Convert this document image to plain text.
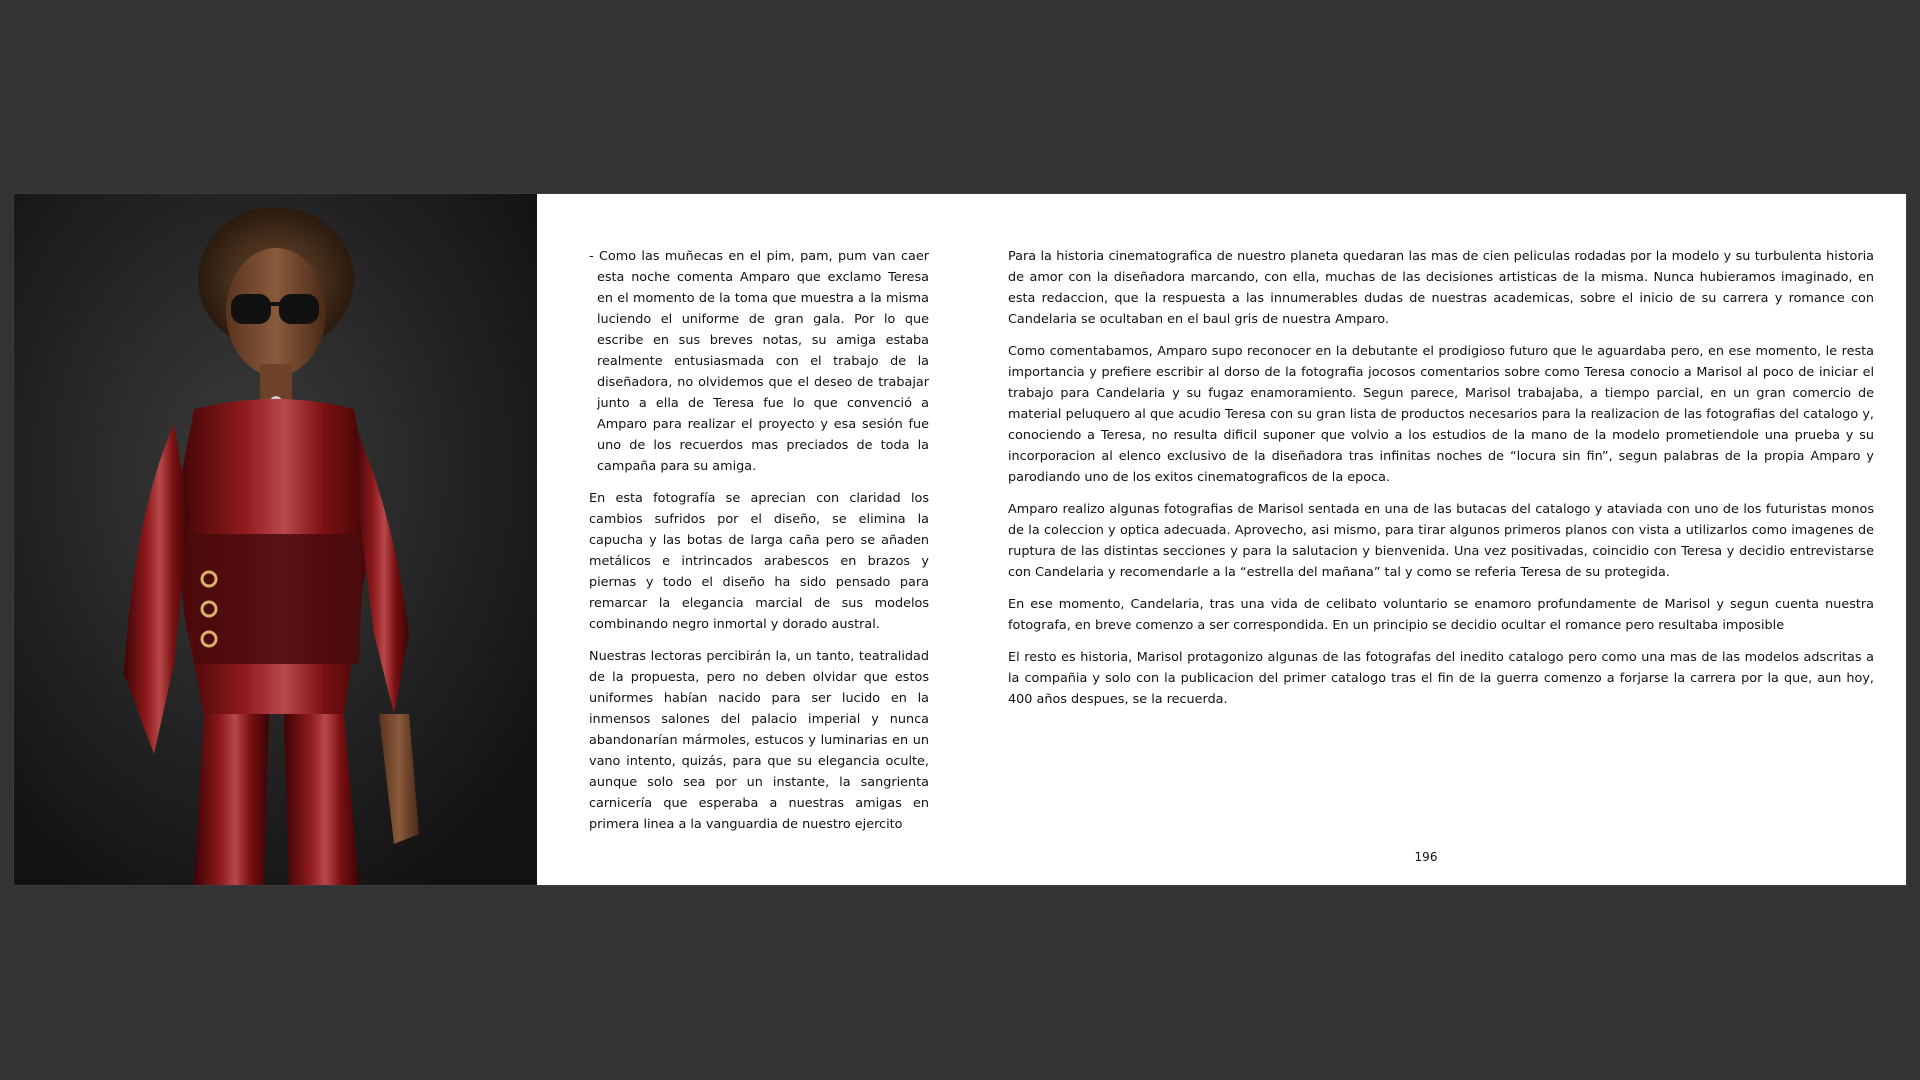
- Como las muñecas en el pim, pam, pum van caer esta noche comenta Amparo que exclamo Teresa en el momento de la toma que muestra a la misma luciendo el uniforme de gran gala. Por lo que escribe en sus breves notas, su amiga estaba realmente entusiasmada con el trabajo de la diseñadora, no olvidemos que el deseo de trabajar junto a ella de Teresa fue lo que convenció a Amparo para realizar el proyecto y esa sesión fue uno de los recuerdos mas preciados de toda la campaña para su amiga.

En esta fotografía se aprecian con claridad los cambios sufridos por el diseño, se elimina la capucha y las botas de larga caña pero se añaden metálicos e intrincados arabescos en brazos y piernas y todo el diseño ha sido pensado para remarcar la elegancia marcial de sus modelos combinando negro inmortal y dorado austral.

Nuestras lectoras percibirán la, un tanto, teatralidad de la propuesta, pero no deben olvidar que estos uniformes habían nacido para ser lucido en la inmensos salones del palacio imperial y nunca abandonarían mármoles, estucos y luminarias en un vano intento, quizás, para que su elegancia oculte, aunque solo sea por un instante, la sangrienta carnicería que esperaba a nuestras amigas en primera linea a la vanguardia de nuestro ejercito

Para la historia cinematografica de nuestro planeta quedaran las mas de cien peliculas rodadas por la modelo y su turbulenta historia de amor con la diseñadora marcando, con ella, muchas de las decisiones artisticas de la misma. Nunca hubieramos imaginado, en esta redaccion, que la respuesta a las innumerables dudas de nuestras academicas, sobre el inicio de su carrera y romance con Candelaria se ocultaban en el baul gris de nuestra Amparo.

Como comentabamos, Amparo supo reconocer en la debutante el prodigioso futuro que le aguardaba pero, en ese momento, le resta importancia y prefiere escribir al dorso de la fotografia jocosos comentarios sobre como Teresa conocio a Marisol al poco de iniciar el trabajo para Candelaria y su fugaz enamoramiento. Segun parece, Marisol trabajaba, a tiempo parcial, en un gran comercio de material peluquero al que acudio Teresa con su gran lista de productos necesarios para la realizacion de las fotografias del catalogo y, conociendo a Teresa, no resulta dificil suponer que volvio a los estudios de la mano de la modelo prometiendole una prueba y su incorporacion al elenco exclusivo de la diseñadora tras infinitas noches de “locura sin fin”, segun palabras de la propia Amparo y parodiando uno de los exitos cinematograficos de la epoca.

Amparo realizo algunas fotografias de Marisol sentada en una de las butacas del catalogo y ataviada con uno de los futuristas monos de la coleccion y optica adecuada. Aprovecho, asi mismo, para tirar algunos primeros planos con vista a utilizarlos como imagenes de ruptura de las distintas secciones y para la salutacion y bienvenida. Una vez positivadas, coincidio con Teresa y decidio entrevistarse con Candelaria y recomendarle a la “estrella del mañana” tal y como se referia Teresa de su protegida.

En ese momento, Candelaria, tras una vida de celibato voluntario se enamoro profundamente de Marisol y segun cuenta nuestra fotografa, en breve comenzo a ser correspondida. En un principio se decidio ocultar el romance pero resultaba imposible

El resto es historia, Marisol protagonizo algunas de las fotografas del inedito catalogo pero como una mas de las modelos adscritas a la compañia y solo con la publicacion del primer catalogo tras el fin de la guerra comenzo a forjarse la carrera por la que, aun hoy, 400 años despues, se la recuerda.

196
